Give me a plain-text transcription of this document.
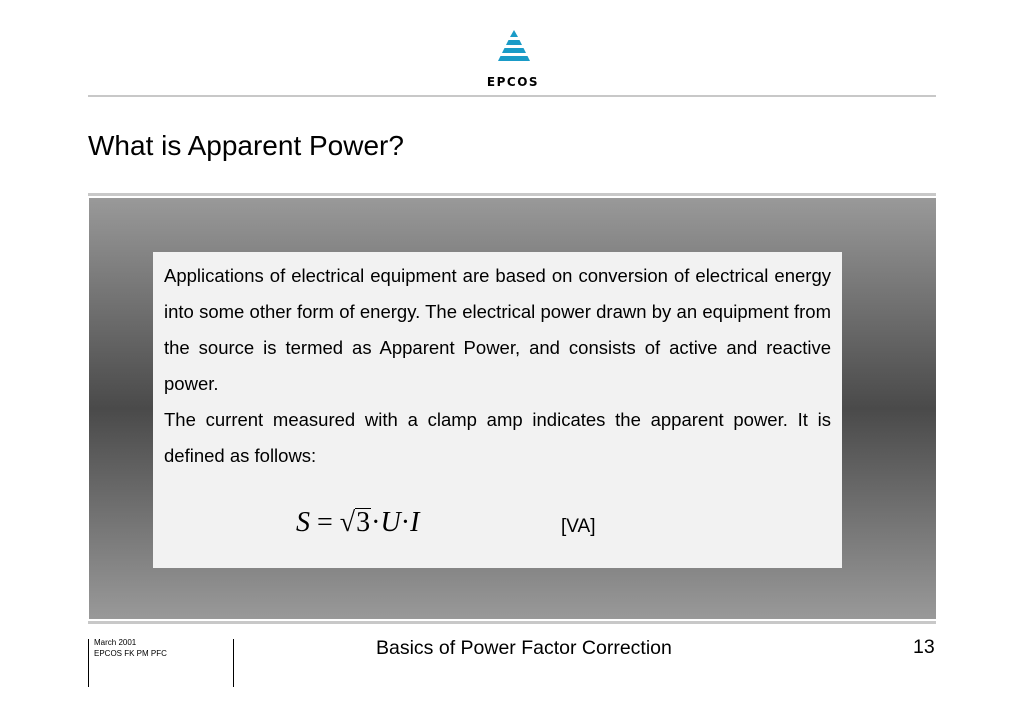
EPCOS
What is Apparent Power?
Applications of electrical equipment are based on conversion of electrical energy into some other form of energy. The electrical power drawn by an equipment from the source is termed as Apparent Power, and consists of active and reactive power.
The current measured with a clamp amp indicates the apparent power. It is defined as follows:
S = √3·U·I	[VA]
March 2001
EPCOS FK PM PFC	Basics of Power Factor Correction	13
